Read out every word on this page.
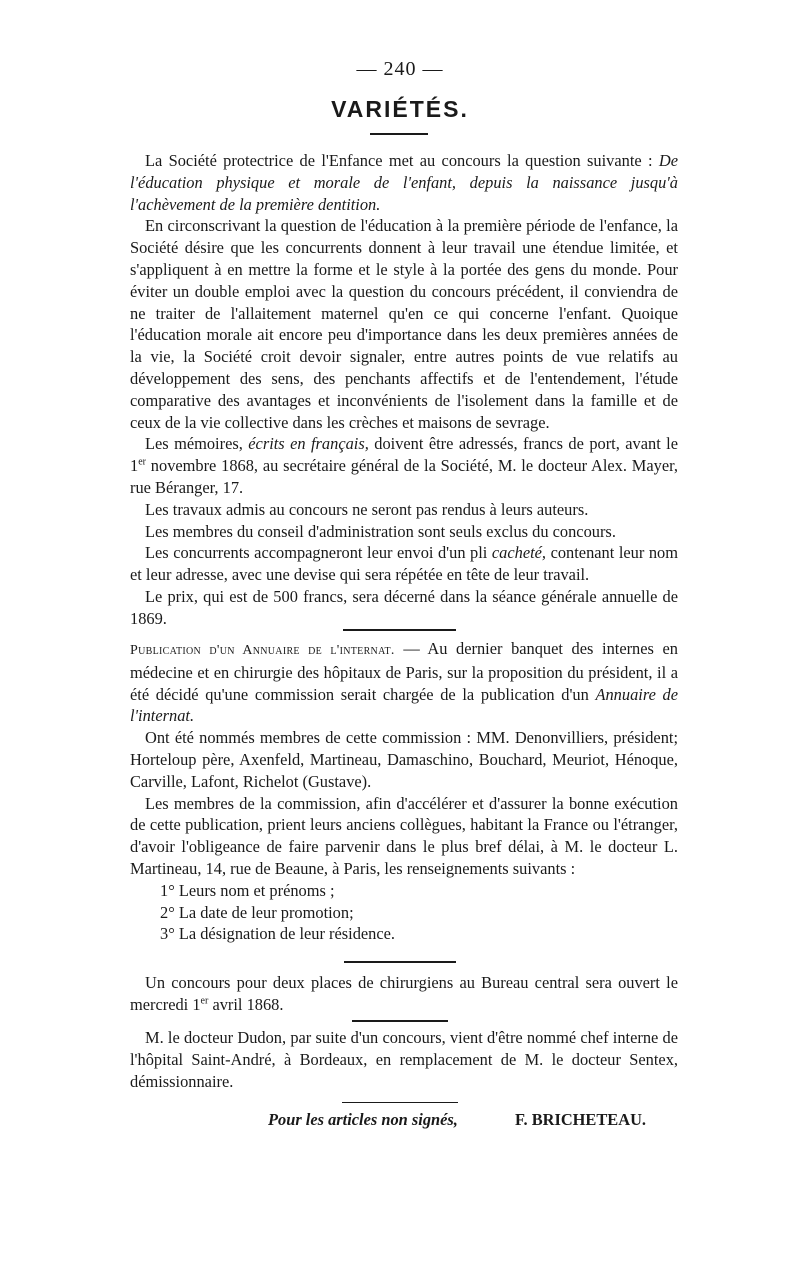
— 240 —
VARIÉTÉS.

La Société protectrice de l'Enfance met au concours la question suivante : De l'éducation physique et morale de l'enfant, depuis la naissance jusqu'à l'achèvement de la première dentition.

En circonscrivant la question de l'éducation à la première période de l'enfance, la Société désire que les concurrents donnent à leur travail une étendue limitée, et s'appliquent à en mettre la forme et le style à la portée des gens du monde. Pour éviter un double emploi avec la question du concours précédent, il conviendra de ne traiter de l'allaitement maternel qu'en ce qui concerne l'enfant. Quoique l'éducation morale ait encore peu d'importance dans les deux premières années de la vie, la Société croit devoir signaler, entre autres points de vue relatifs au développement des sens, des penchants affectifs et de l'entendement, l'étude comparative des avantages et inconvénients de l'isolement dans la famille et de ceux de la vie collective dans les crèches et maisons de sevrage.

Les mémoires, écrits en français, doivent être adressés, francs de port, avant le 1er novembre 1868, au secrétaire général de la Société, M. le docteur Alex. Mayer, rue Béranger, 17.

Les travaux admis au concours ne seront pas rendus à leurs auteurs.

Les membres du conseil d'administration sont seuls exclus du concours.

Les concurrents accompagneront leur envoi d'un pli cacheté, contenant leur nom et leur adresse, avec une devise qui sera répétée en tête de leur travail.

Le prix, qui est de 500 francs, sera décerné dans la séance générale annuelle de 1869.

Publication d'un Annuaire de l'internat. — Au dernier banquet des internes en médecine et en chirurgie des hôpitaux de Paris, sur la proposition du président, il a été décidé qu'une commission serait chargée de la publication d'un Annuaire de l'internat.

Ont été nommés membres de cette commission : MM. Denonvilliers, président; Horteloup père, Axenfeld, Martineau, Damaschino, Bouchard, Meuriot, Hénoque, Carville, Lafont, Richelot (Gustave).

Les membres de la commission, afin d'accélérer et d'assurer la bonne exécution de cette publication, prient leurs anciens collègues, habitant la France ou l'étranger, d'avoir l'obligeance de faire parvenir dans le plus bref délai, à M. le docteur L. Martineau, 14, rue de Beaune, à Paris, les renseignements suivants :

1° Leurs nom et prénoms ;

2° La date de leur promotion;

3° La désignation de leur résidence.

Un concours pour deux places de chirurgiens au Bureau central sera ouvert le mercredi 1er avril 1868.

M. le docteur Dudon, par suite d'un concours, vient d'être nommé chef interne de l'hôpital Saint-André, à Bordeaux, en remplacement de M. le docteur Sentex, démissionnaire.

Pour les articles non signés,	F. BRICHETEAU.
